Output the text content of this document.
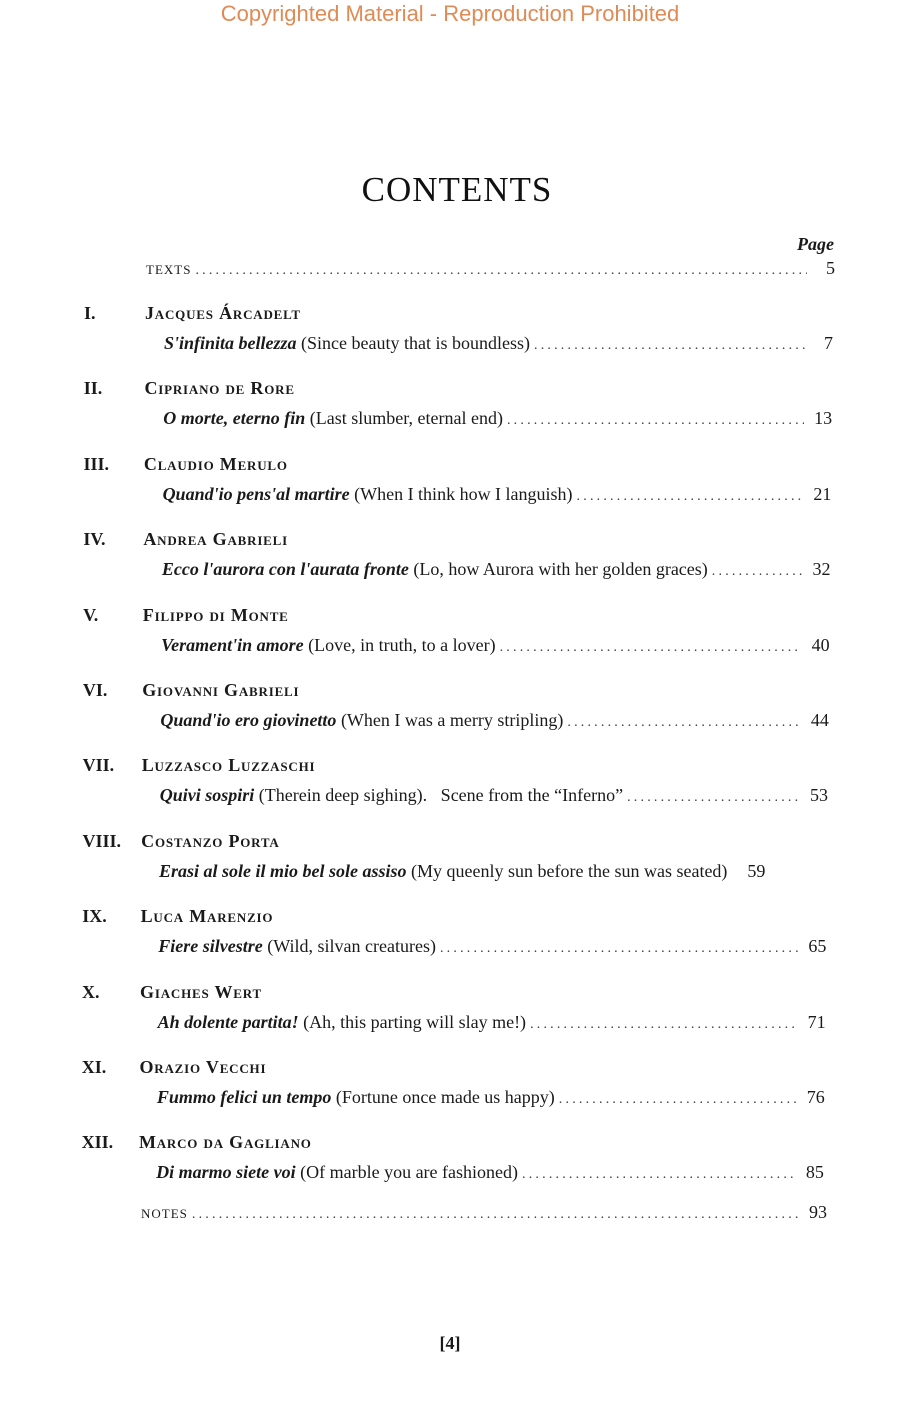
Copyrighted Material - Reproduction Prohibited
CONTENTS
Page
TEXTS .....	5
I.	Jacques Árcadelt
S'infinita bellezza (Since beauty that is boundless) .....	7
II. Cipriano de Rore
O morte, eterno fin (Last slumber, eternal end) .....	13
III. Claudio Merulo
Quand'io pens'al martire (When I think how I languish) .....	21
IV. Andrea Gabrieli
Ecco l'aurora con l'aurata fronte (Lo, how Aurora with her golden graces) .....	32
V. Filippo di Monte
Verament'in amore (Love, in truth, to a lover) .....	40
VI. Giovanni Gabrieli
Quand'io ero giovinetto (When I was a merry stripling) .....	44
VII. Luzzasco Luzzaschi
Quivi sospiri (Therein deep sighing).   Scene from the “Inferno” .....	53
VIII. Costanzo Porta
Erasi al sole il mio bel sole assiso (My queenly sun before the sun was seated)	59
IX. Luca Marenzio
Fiere silvestre (Wild, silvan creatures) .....	65
X. Giaches Wert
Ah dolente partita! (Ah, this parting will slay me!) .....	71
XI. Orazio Vecchi
Fummo felici un tempo (Fortune once made us happy) .....	76
XII. Marco da Gagliano
Di marmo siete voi (Of marble you are fashioned) .....	85
NOTES .....	93
[4]
